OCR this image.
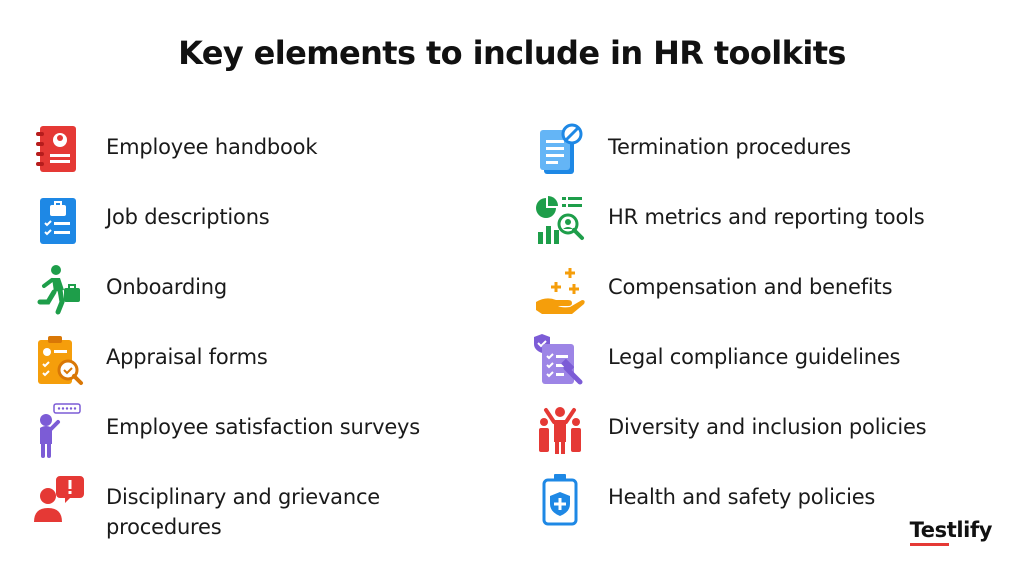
Key elements to include in HR toolkits
Employee handbook
Job descriptions
Onboarding
Appraisal forms
Employee satisfaction surveys
Disciplinary and grievance procedures
Termination procedures
HR metrics and reporting tools
Compensation and benefits
Legal compliance guidelines
Diversity and inclusion policies
Health and safety policies
Testlify
